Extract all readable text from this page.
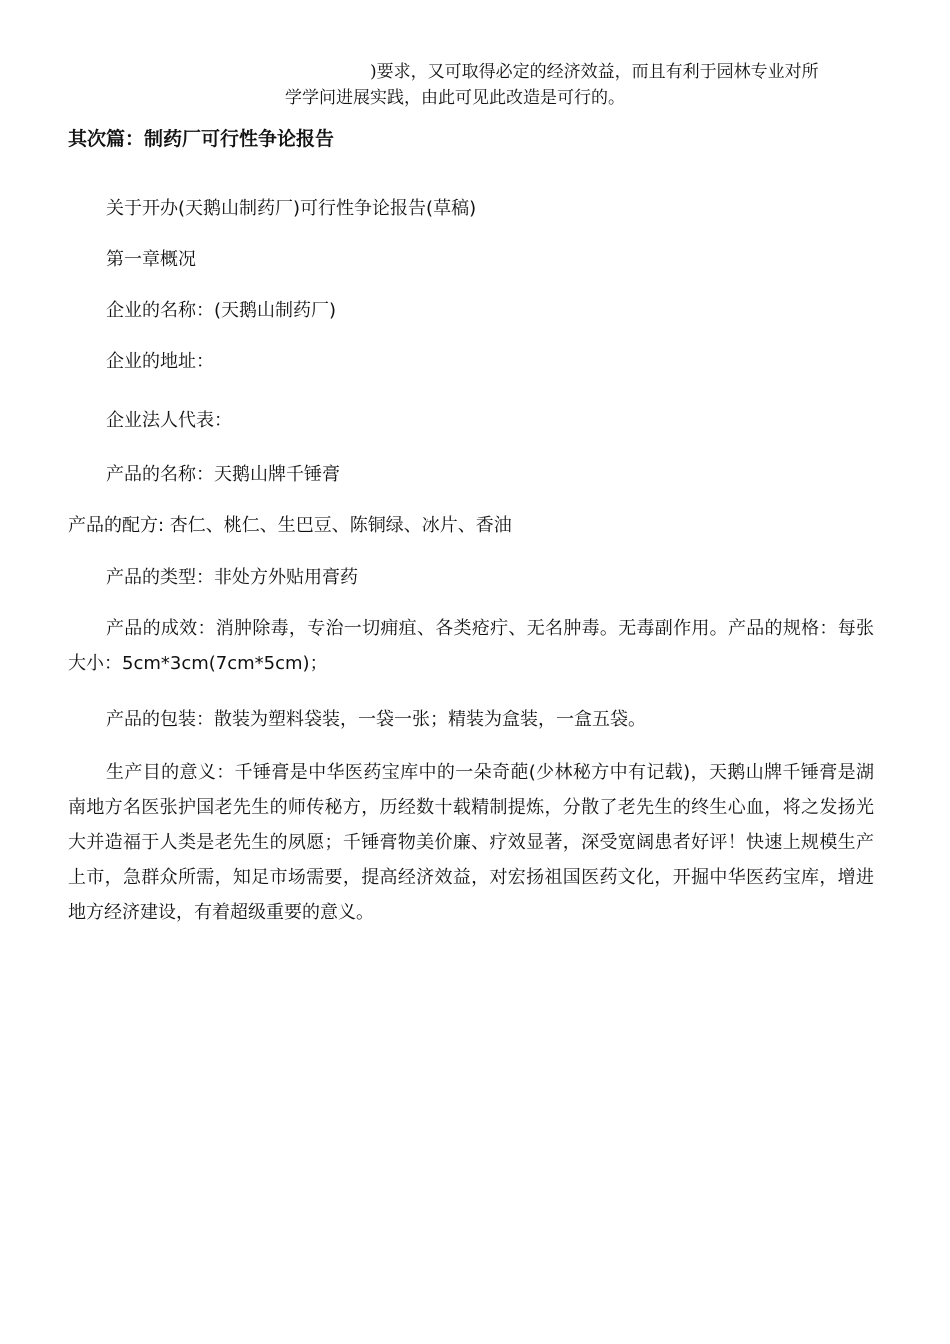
)要求，又可取得必定的经济效益，而且有利于园林专业对所
学学问进展实践，由此可见此改造是可行的。
其次篇：制药厂可行性争论报告
关于开办(天鹅山制药厂)可行性争论报告(草稿)
第一章概况
企业的名称：(天鹅山制药厂)
企业的地址：
企业法人代表：
产品的名称：天鹅山牌千锤膏
产品的配方: 杏仁、桃仁、生巴豆、陈铜绿、冰片、香油
产品的类型：非处方外贴用膏药
产品的成效：消肿除毒，专治一切痈疽、各类疮疔、无名肿毒。无毒副作用。产品的规格：每张大小：5cm*3cm(7cm*5cm)；
产品的包装：散装为塑料袋装，一袋一张；精装为盒装，一盒五袋。
生产目的意义：千锤膏是中华医药宝库中的一朵奇葩(少林秘方中有记载)，天鹅山牌千锤膏是湖南地方名医张护国老先生的师传秘方，历经数十载精制提炼，分散了老先生的终生心血，将之发扬光大并造福于人类是老先生的夙愿；千锤膏物美价廉、疗效显著，深受宽阔患者好评！快速上规模生产上市，急群众所需，知足市场需要，提高经济效益，对宏扬祖国医药文化，开掘中华医药宝库，增进地方经济建设，有着超级重要的意义。
